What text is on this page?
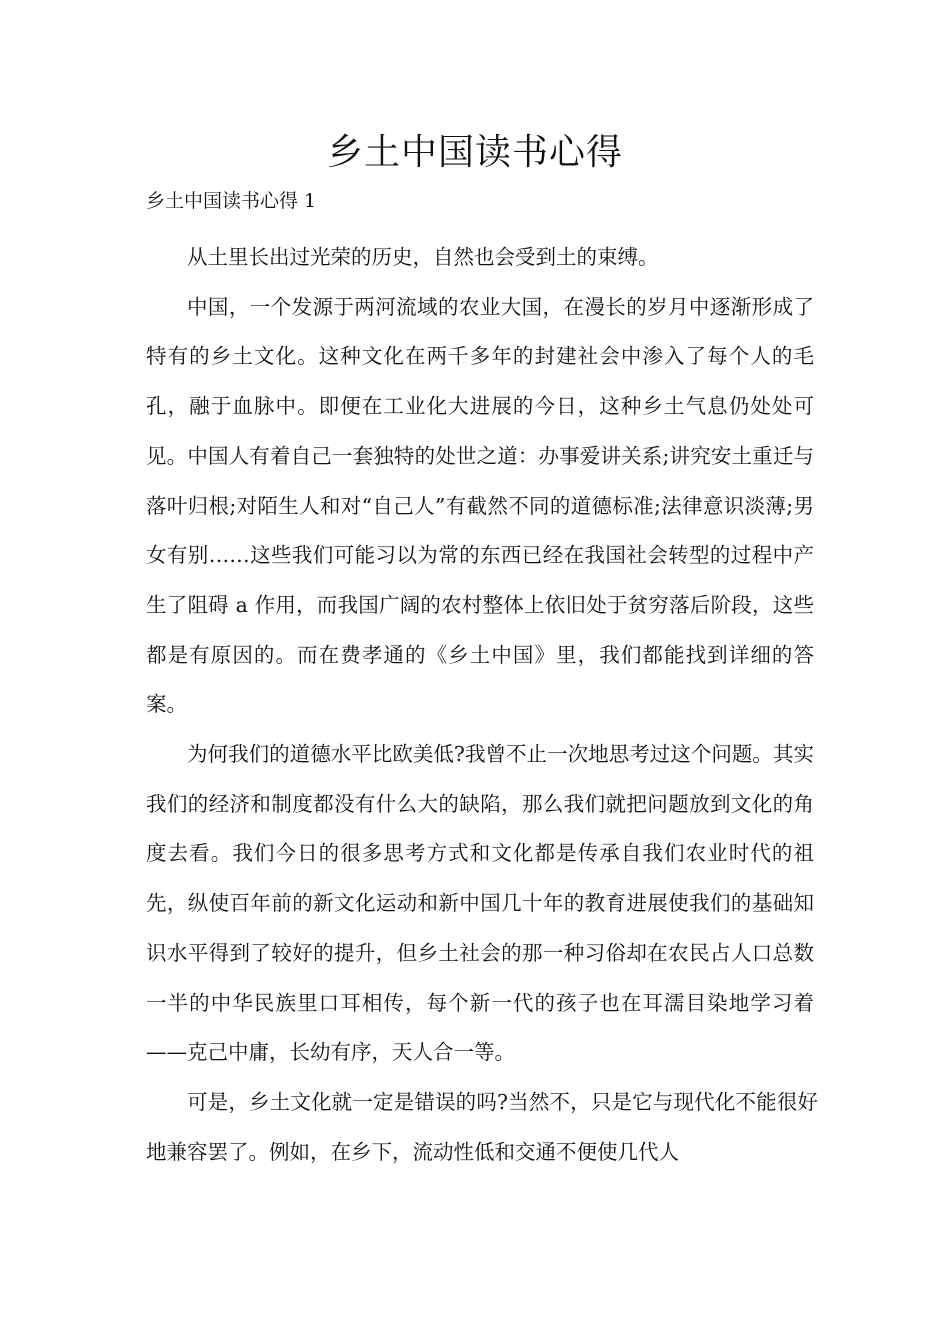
乡土中国读书心得
乡土中国读书心得 1

从土里长出过光荣的历史，自然也会受到土的束缚。

中国，一个发源于两河流域的农业大国，在漫长的岁月中逐渐形成了特有的乡土文化。这种文化在两千多年的封建社会中渗入了每个人的毛孔，融于血脉中。即便在工业化大进展的今日，这种乡土气息仍处处可见。中国人有着自己一套独特的处世之道：办事爱讲关系;讲究安土重迁与落叶归根;对陌生人和对“自己人”有截然不同的道德标准;法律意识淡薄;男女有别……这些我们可能习以为常的东西已经在我国社会转型的过程中产生了阻碍 a 作用，而我国广阔的农村整体上依旧处于贫穷落后阶段，这些都是有原因的。而在费孝通的《乡土中国》里，我们都能找到详细的答案。

为何我们的道德水平比欧美低?我曾不止一次地思考过这个问题。其实我们的经济和制度都没有什么大的缺陷，那么我们就把问题放到文化的角度去看。我们今日的很多思考方式和文化都是传承自我们农业时代的祖先，纵使百年前的新文化运动和新中国几十年的教育进展使我们的基础知识水平得到了较好的提升，但乡土社会的那一种习俗却在农民占人口总数一半的中华民族里口耳相传，每个新一代的孩子也在耳濡目染地学习着——克己中庸，长幼有序，天人合一等。

可是，乡土文化就一定是错误的吗?当然不，只是它与现代化不能很好地兼容罢了。例如，在乡下，流动性低和交通不便使几代人
